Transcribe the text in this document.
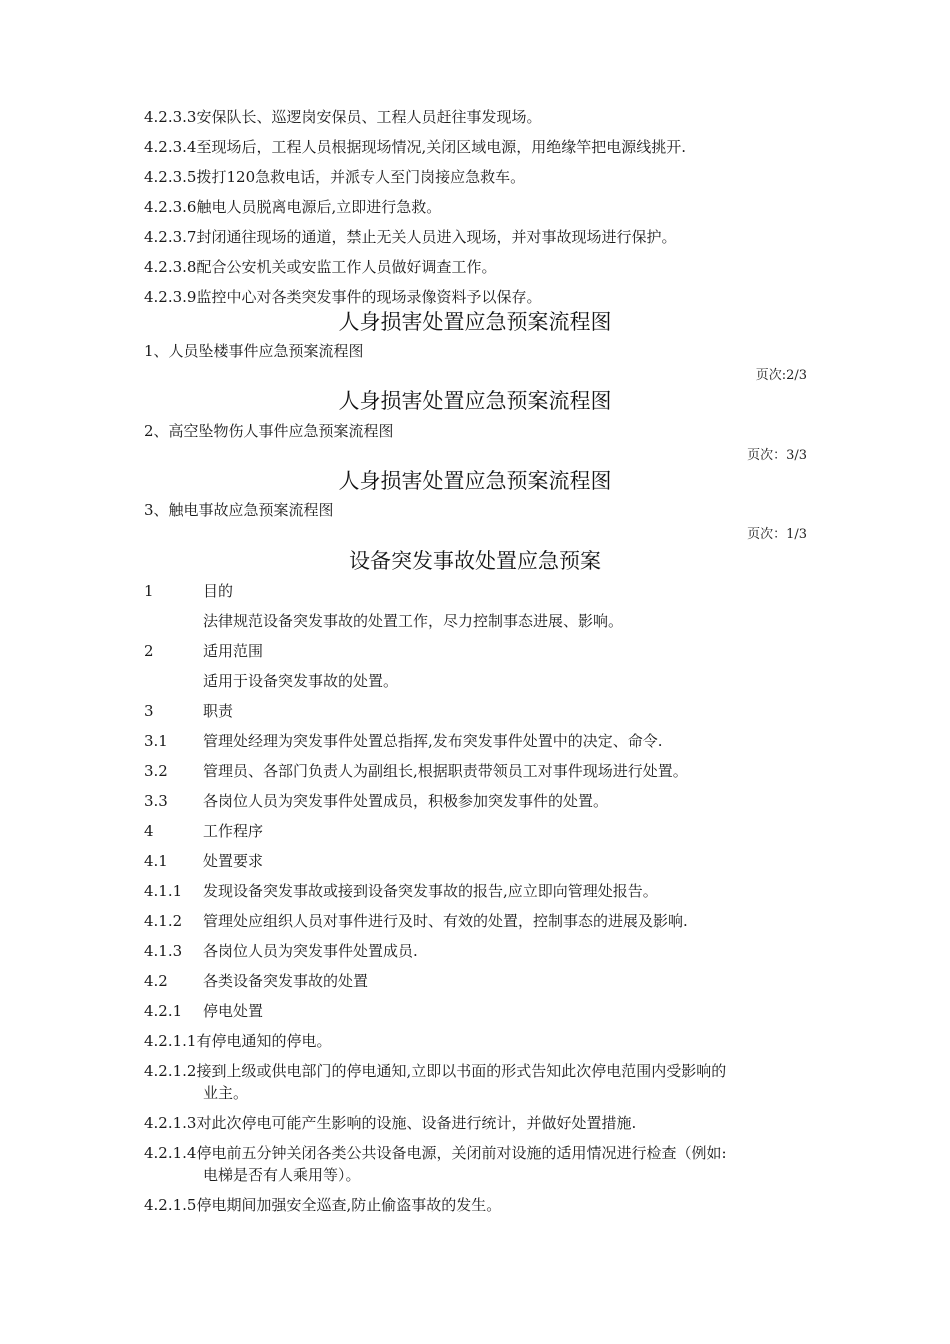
4.2.3.3安保队长、巡逻岗安保员、工程人员赶往事发现场。
4.2.3.4至现场后，工程人员根据现场情况,关闭区域电源，用绝缘竿把电源线挑开.
4.2.3.5拨打120急救电话，并派专人至门岗接应急救车。
4.2.3.6触电人员脱离电源后,立即进行急救。
4.2.3.7封闭通往现场的通道，禁止无关人员进入现场，并对事故现场进行保护。
4.2.3.8配合公安机关或安监工作人员做好调查工作。
4.2.3.9监控中心对各类突发事件的现场录像资料予以保存。
人身损害处置应急预案流程图
1、人员坠楼事件应急预案流程图
页次:2/3
人身损害处置应急预案流程图
2、高空坠物伤人事件应急预案流程图
页次：3/3
人身损害处置应急预案流程图
3、触电事故应急预案流程图
页次：1/3
设备突发事故处置应急预案
1	目的
法律规范设备突发事故的处置工作，尽力控制事态进展、影响。
2	适用范围
适用于设备突发事故的处置。
3	职责
3.1 管理处经理为突发事件处置总指挥,发布突发事件处置中的决定、命令.
3.2 管理员、各部门负责人为副组长,根据职责带领员工对事件现场进行处置。
3.3 各岗位人员为突发事件处置成员，积极参加突发事件的处置。
4	工作程序
4.1 处置要求
4.1.1 发现设备突发事故或接到设备突发事故的报告,应立即向管理处报告。
4.1.2 管理处应组织人员对事件进行及时、有效的处置，控制事态的进展及影响.
4.1.3 各岗位人员为突发事件处置成员.
4.2 各类设备突发事故的处置
4.2.1 停电处置
4.2.1.1有停电通知的停电。
4.2.1.2接到上级或供电部门的停电通知,立即以书面的形式告知此次停电范围内受影响的
业主。
4.2.1.3对此次停电可能产生影响的设施、设备进行统计，并做好处置措施.
4.2.1.4停电前五分钟关闭各类公共设备电源，关闭前对设施的适用情况进行检查（例如:
电梯是否有人乘用等）。
4.2.1.5停电期间加强安全巡查,防止偷盗事故的发生。
